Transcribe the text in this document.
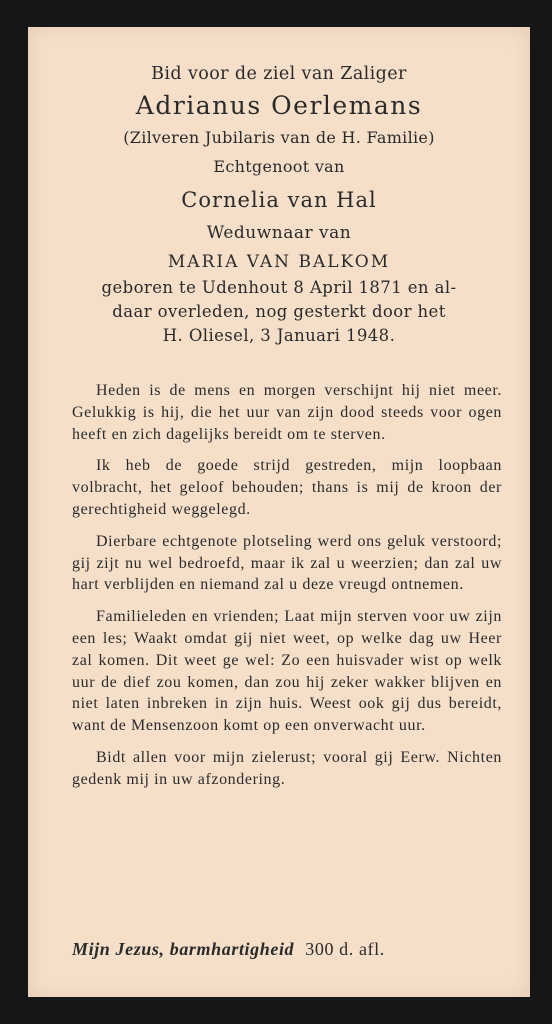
Bid voor de ziel van Zaliger

Adrianus Oerlemans

(Zilveren Jubilaris van de H. Familie)

Echtgenoot van

Cornelia van Hal

Weduwnaar van

MARIA VAN BALKOM

geboren te Udenhout 8 April 1871 en al-

daar overleden, nog gesterkt door het

H. Oliesel, 3 Januari 1948.

Heden is de mens en morgen verschijnt hij niet meer. Gelukkig is hij, die het uur van zijn dood steeds voor ogen heeft en zich dagelijks bereidt om te sterven.

Ik heb de goede strijd gestreden, mijn loopbaan volbracht, het geloof behouden; thans is mij de kroon der gerechtigheid weggelegd.

Dierbare echtgenote plotseling werd ons geluk verstoord; gij zijt nu wel bedroefd, maar ik zal u weerzien; dan zal uw hart verblijden en niemand zal u deze vreugd ontnemen.

Familieleden en vrienden; Laat mijn sterven voor uw zijn een les; Waakt omdat gij niet weet, op welke dag uw Heer zal komen. Dit weet ge wel: Zo een huisvader wist op welk uur de dief zou komen, dan zou hij zeker wakker blijven en niet laten inbreken in zijn huis. Weest ook gij dus bereidt, want de Mensenzoon komt op een onverwacht uur.

Bidt allen voor mijn zielerust; vooral gij Eerw. Nichten gedenk mij in uw afzondering.

Mijn Jezus, barmhartigheid 300 d. afl.
